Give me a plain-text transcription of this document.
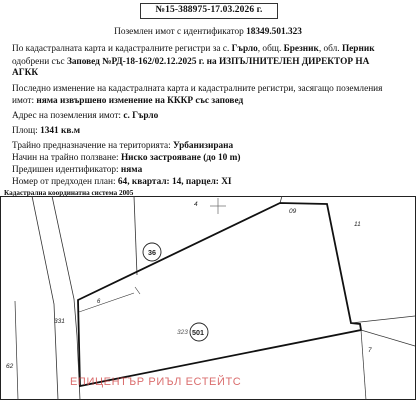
№15-388975-17.03.2026 г.
Поземлен имот с идентификатор 18349.501.323
По кадастралната карта и кадастралните регистри за с. Гърло, общ. Брезник, обл. Перник
одобрени със Заповед №РД-18-162/02.12.2025 г. на ИЗПЪЛНИТЕЛЕН ДИРЕКТОР НА
АГКК
Последно изменение на кадастралната карта и кадастралните регистри, засягащо поземления
имот: няма извършено изменение на КККР със заповед
Адрес на поземления имот: с. Гърло
Площ: 1341 кв.м
Трайно предназначение на територията: Урбанизирана
Начин на трайно ползване: Ниско застрояване (до 10 m)
Предишен идентификатор: няма
Номер от предходен план: 64, квартал: 14, парцел: XI
Кадастрална координатна система 2005
09
11
4
36
6
331
323 501
7
62
ЕПИЦЕНТЪР РИЪЛ ЕСТЕЙТС
